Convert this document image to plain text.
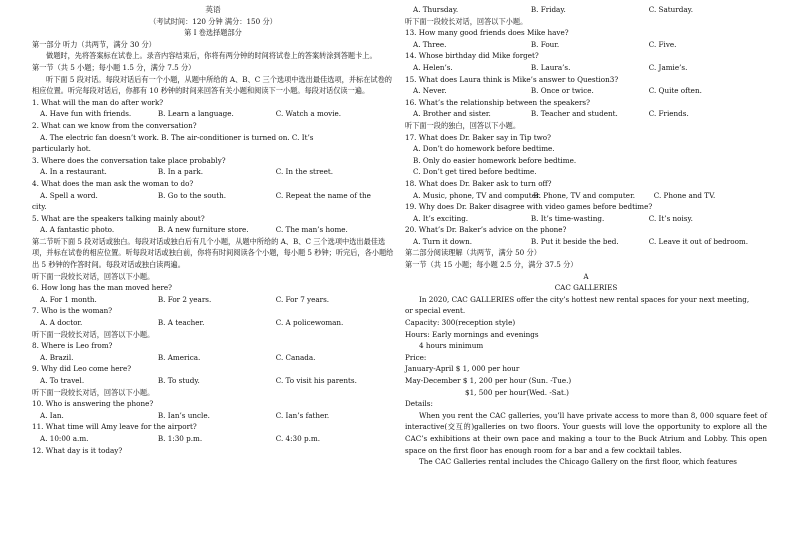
英语
（考试时间：120 分钟 满分：150 分）
第 I 卷选择题部分
第一部分 听力（共两节，满分 30 分）
做题时，先将答案标在试卷上。录音内容结束后，你将有两分钟的时间将试卷上的答案转涂到答题卡上。
第一节（共 5 小题；每小题 1.5 分，满分 7.5 分）
听下面 5 段对话。每段对话后有一个小题，从题中所给的 A、B、C 三个选项中选出最佳选项，并标在试卷的相应位置。听完每段对话后，你都有 10 秒钟的时间来回答有关小题和阅读下一小题。每段对话仅读一遍。
1. What will the man do after work?
A. Have fun with friends.	B. Learn a language.	C. Watch a movie.
2. What can we know from the conversation?
A. The electric fan doesn’t work. B. The air-conditioner is turned on. C. It’s
particularly hot.
3. Where does the conversation take place probably?
A. In a restaurant.	B. In a park.	C. In the street.
4. What does the man ask the woman to do?
A. Spell a word.	B. Go to the south.	C. Repeat the name of the
city.
5. What are the speakers talking mainly about?
A. A fantastic photo.	B. A new furniture store.	C. The man’s home.
第二节听下面 5 段对话或独白。每段对话或独白后有几个小题，从题中所给的 A、B、C 三个选项中选出最佳选项，并标在试卷的相应位置。听每段对话或独白前，你将有时间阅读各个小题，每小题 5 秒钟；听完后，各小题给出 5 秒钟的作答时间。每段对话或独白读两遍。
听下面一段较长对话，回答以下小题。
6. How long has the man moved here?
A. For 1 month.	B. For 2 years.	C. For 7 years.
7. Who is the woman?
A. A doctor.	B. A teacher.	C. A policewoman.
听下面一段较长对话，回答以下小题。
8. Where is Leo from?
A. Brazil.	B. America.	C. Canada.
9. Why did Leo come here?
A. To travel.	B. To study.	C. To visit his parents.
听下面一段较长对话，回答以下小题。
10. Who is answering the phone?
A. Ian.	B. Ian’s uncle.	C. Ian’s father.
11. What time will Amy leave for the airport?
A. 10:00 a.m.	B. 1:30 p.m.	C. 4:30 p.m.
12. What day is it today?
A. Thursday.	B. Friday.	C. Saturday.
听下面一段较长对话，回答以下小题。
13. How many good friends does Mike have?
A. Three.	B. Four.	C. Five.
14. Whose birthday did Mike forget?
A. Helen’s.	B. Laura’s.	C. Jamie’s.
15. What does Laura think is Mike’s answer to Question3?
A. Never.	B. Once or twice.	C. Quite often.
16. What’s the relationship between the speakers?
A. Brother and sister.	B. Teacher and student.	C. Friends.
听下面一段的独白，回答以下小题。
17. What does Dr. Baker say in Tip two?
A. Don’t do homework before bedtime.
B. Only do easier homework before bedtime.
C. Don’t get tired before bedtime.
18. What does Dr. Baker ask to turn off?
A. Music, phone, TV and computer.
B. Phone, TV and computer.	C. Phone and TV.
19. Why does Dr. Baker disagree with video games before bedtime?
A. It’s exciting.	B. It’s time-wasting.	C. It’s noisy.
20. What’s Dr. Baker’s advice on the phone?
A. Turn it down.	B. Put it beside the bed.	C. Leave it out of bedroom.
第二部分阅读理解（共两节，满分 50 分）
第一节（共 15 小题；每小题 2.5 分，满分 37.5 分）
A
CAC GALLERIES
In 2020, CAC GALLERIES offer the city’s hottest new rental spaces for your next meeting,
or special event.
Capacity: 300(reception style)
Hours: Early mornings and evenings
4 hours minimum
Price:
January-April $ 1, 000 per hour
May-December $ 1, 200 per hour (Sun. -Tue.)
$1, 500 per hour(Wed. -Sat.)
Details:
When you rent the CAC galleries, you’ll have private access to more than 8, 000 square feet of interactive(交互的)galleries on two floors. Your guests will love the opportunity to explore all the CAC’s exhibitions at their own pace and making a tour to the Buck Atrium and Lobby. This open space on the first floor has enough room for a bar and a few cocktail tables.
The CAC Galleries rental includes the Chicago Gallery on the first floor, which features
